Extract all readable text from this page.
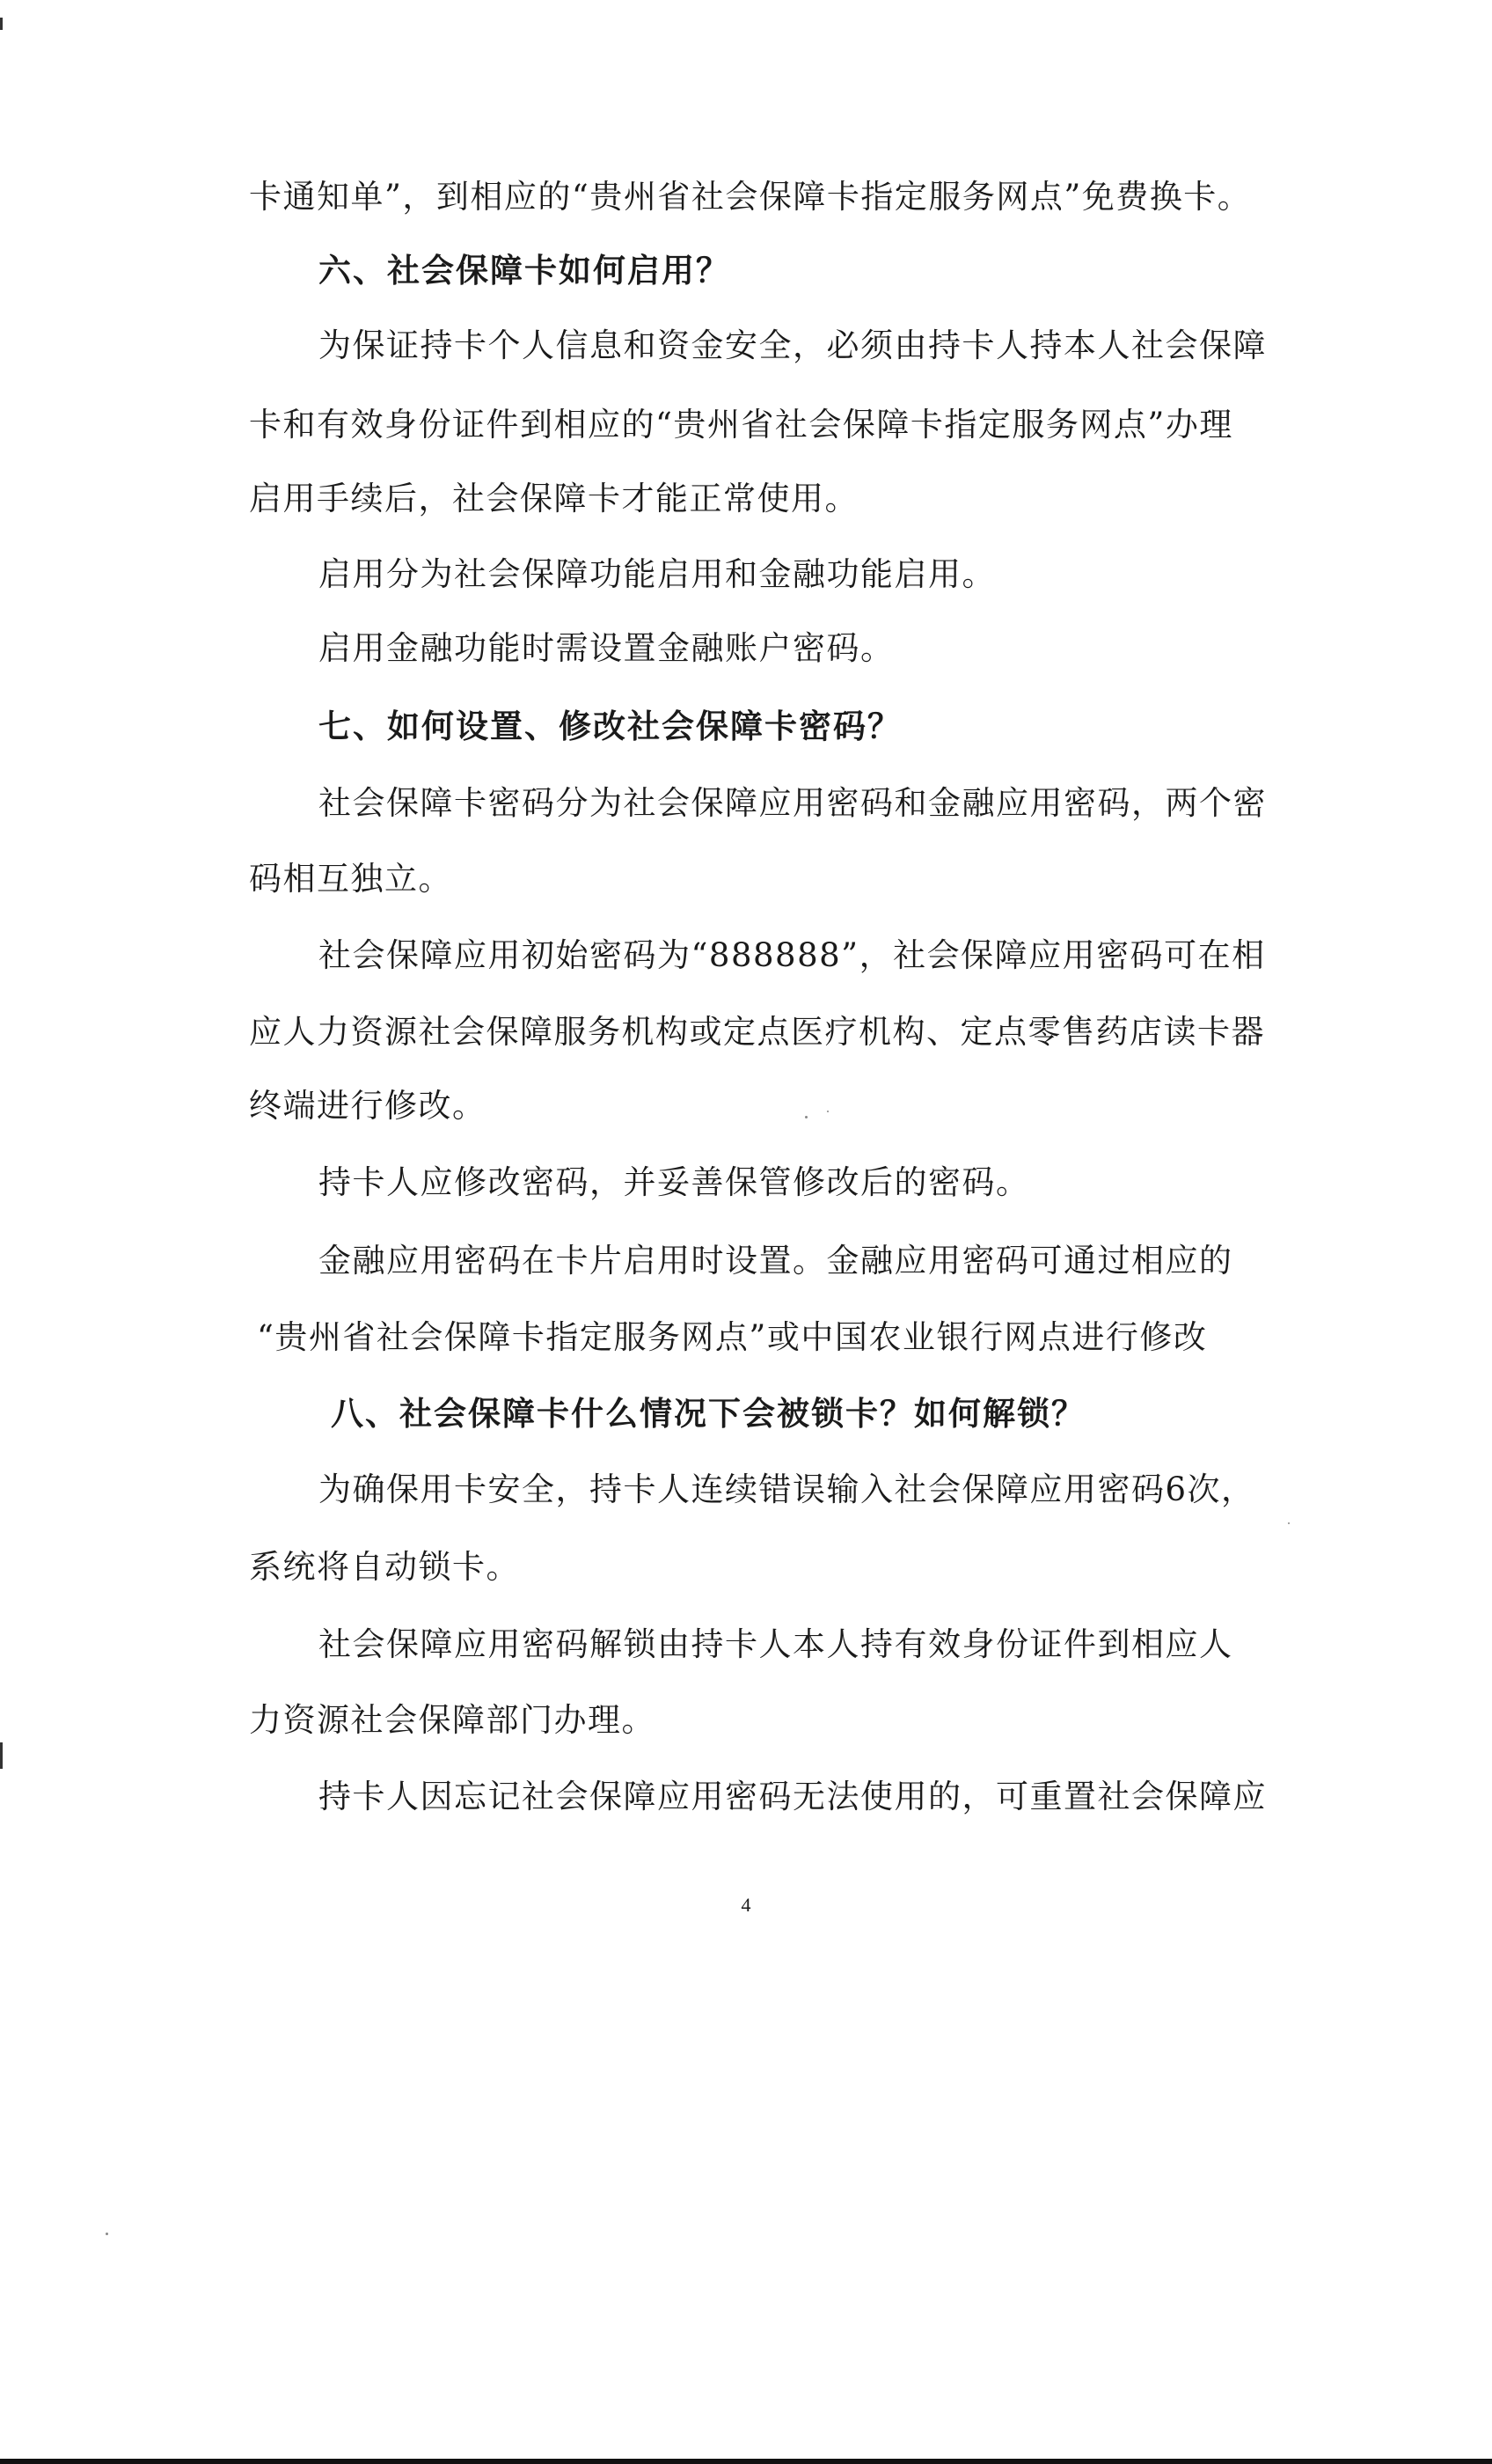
卡通知单”，到相应的“贵州省社会保障卡指定服务网点”免费换卡。
六、社会保障卡如何启用？
为保证持卡个人信息和资金安全，必须由持卡人持本人社会保障
卡和有效身份证件到相应的“贵州省社会保障卡指定服务网点”办理
启用手续后，社会保障卡才能正常使用。
启用分为社会保障功能启用和金融功能启用。
启用金融功能时需设置金融账户密码。
七、如何设置、修改社会保障卡密码？
社会保障卡密码分为社会保障应用密码和金融应用密码，两个密
码相互独立。
社会保障应用初始密码为“888888”，社会保障应用密码可在相
应人力资源社会保障服务机构或定点医疗机构、定点零售药店读卡器
终端进行修改。
持卡人应修改密码，并妥善保管修改后的密码。
金融应用密码在卡片启用时设置。金融应用密码可通过相应的
“贵州省社会保障卡指定服务网点”或中国农业银行网点进行修改
八、社会保障卡什么情况下会被锁卡？如何解锁？
为确保用卡安全，持卡人连续错误输入社会保障应用密码6次，
系统将自动锁卡。
社会保障应用密码解锁由持卡人本人持有效身份证件到相应人
力资源社会保障部门办理。
持卡人因忘记社会保障应用密码无法使用的，可重置社会保障应
4
